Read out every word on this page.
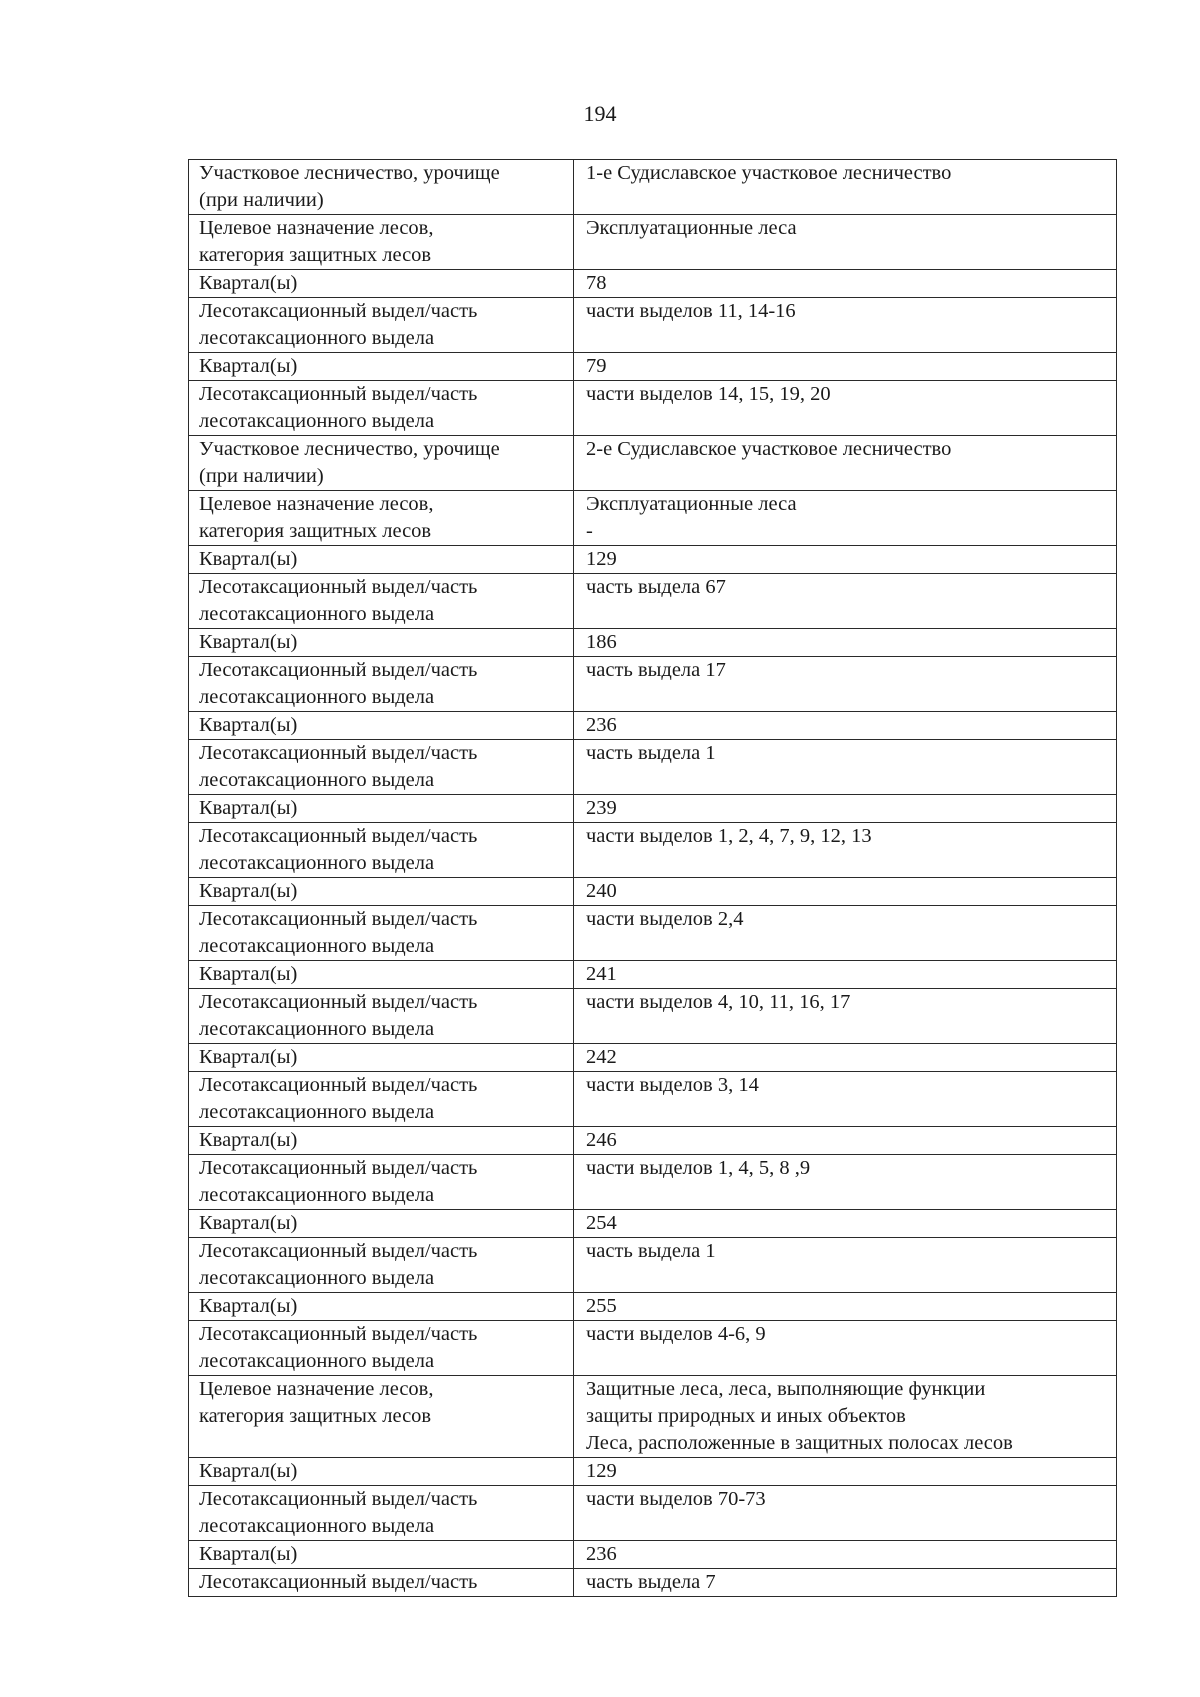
194
Участковое лесничество, урочище
(при наличии)	1-е Судиславское участковое лесничество

Целевое назначение лесов,
категория защитных лесов	Эксплуатационные леса

Квартал(ы)	78

Лесотаксационный выдел/часть
лесотаксационного выдела	части выделов 11, 14-16

Квартал(ы)	79

Лесотаксационный выдел/часть
лесотаксационного выдела	части выделов 14, 15, 19, 20

Участковое лесничество, урочище
(при наличии)	2-е Судиславское участковое лесничество

Целевое назначение лесов,
категория защитных лесов	Эксплуатационные леса
-

Квартал(ы)	129

Лесотаксационный выдел/часть
лесотаксационного выдела	часть выдела 67

Квартал(ы)	186

Лесотаксационный выдел/часть
лесотаксационного выдела	часть выдела 17

Квартал(ы)	236

Лесотаксационный выдел/часть
лесотаксационного выдела	часть выдела 1

Квартал(ы)	239

Лесотаксационный выдел/часть
лесотаксационного выдела	части выделов 1, 2, 4, 7, 9, 12, 13

Квартал(ы)	240

Лесотаксационный выдел/часть
лесотаксационного выдела	части выделов 2,4

Квартал(ы)	241

Лесотаксационный выдел/часть
лесотаксационного выдела	части выделов 4, 10, 11, 16, 17

Квартал(ы)	242

Лесотаксационный выдел/часть
лесотаксационного выдела	части выделов 3, 14

Квартал(ы)	246

Лесотаксационный выдел/часть
лесотаксационного выдела	части выделов 1, 4, 5, 8 ,9

Квартал(ы)	254

Лесотаксационный выдел/часть
лесотаксационного выдела	часть выдела 1

Квартал(ы)	255

Лесотаксационный выдел/часть
лесотаксационного выдела	части выделов 4-6, 9

Целевое назначение лесов,
категория защитных лесов	Защитные леса, леса, выполняющие функции
защиты природных и иных объектов
Леса, расположенные в защитных полосах лесов

Квартал(ы)	129

Лесотаксационный выдел/часть
лесотаксационного выдела	части выделов 70-73

Квартал(ы)	236

Лесотаксационный выдел/часть	часть выдела 7
